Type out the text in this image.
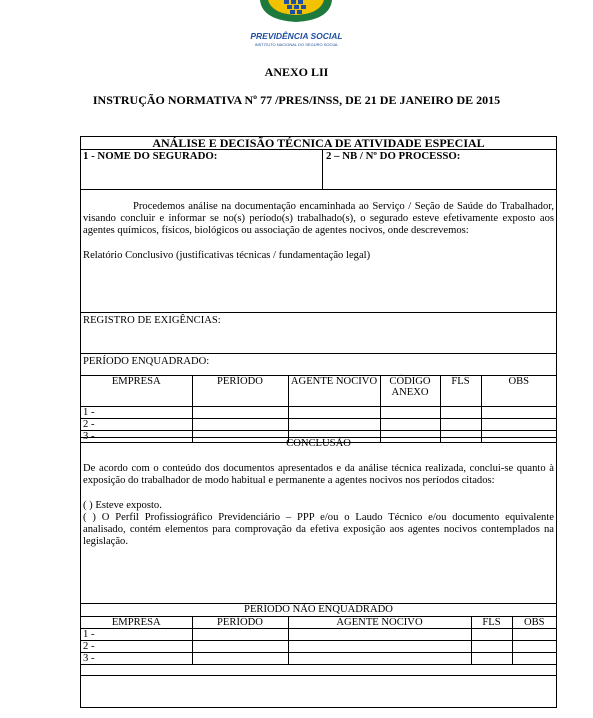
PREVIDÊNCIA SOCIAL
INSTITUTO NACIONAL DO SEGURO SOCIAL
ANEXO LII
INSTRUÇÃO NORMATIVA Nº 77 /PRES/INSS, DE 21 DE JANEIRO DE 2015
ANÁLISE E DECISÃO TÉCNICA DE ATIVIDADE ESPECIAL
1 - NOME DO SEGURADO:	2 – NB / Nº DO PROCESSO:
Procedemos análise na documentação encaminhada ao Serviço / Seção de Saúde do Trabalhador, visando concluir e informar se no(s) período(s) trabalhado(s), o segurado esteve efetivamente exposto aos agentes químicos, físicos, biológicos ou associação de agentes nocivos, onde descrevemos:
Relatório Conclusivo (justificativas técnicas / fundamentação legal)
REGISTRO DE EXIGÊNCIAS:
PERÍODO ENQUADRADO:
EMPRESA	PERÍODO	AGENTE NOCIVO	CÓDIGO ANEXO	FLS	OBS
1 -					
2 -					
3 -					
CONCLUSÃO
De acordo com o conteúdo dos documentos apresentados e da análise técnica realizada, conclui-se quanto à exposição do trabalhador de modo habitual e permanente a agentes nocivos nos períodos citados:
( ) Esteve exposto.
( ) O Perfil Profissiográfico Previdenciário – PPP e/ou o Laudo Técnico e/ou documento equivalente analisado, contém elementos para comprovação da efetiva exposição aos agentes nocivos contemplados na legislação.
PERÍODO NÃO ENQUADRADO
EMPRESA	PERÍODO	AGENTE NOCIVO	FLS	OBS
1 -				
2 -				
3 -				
